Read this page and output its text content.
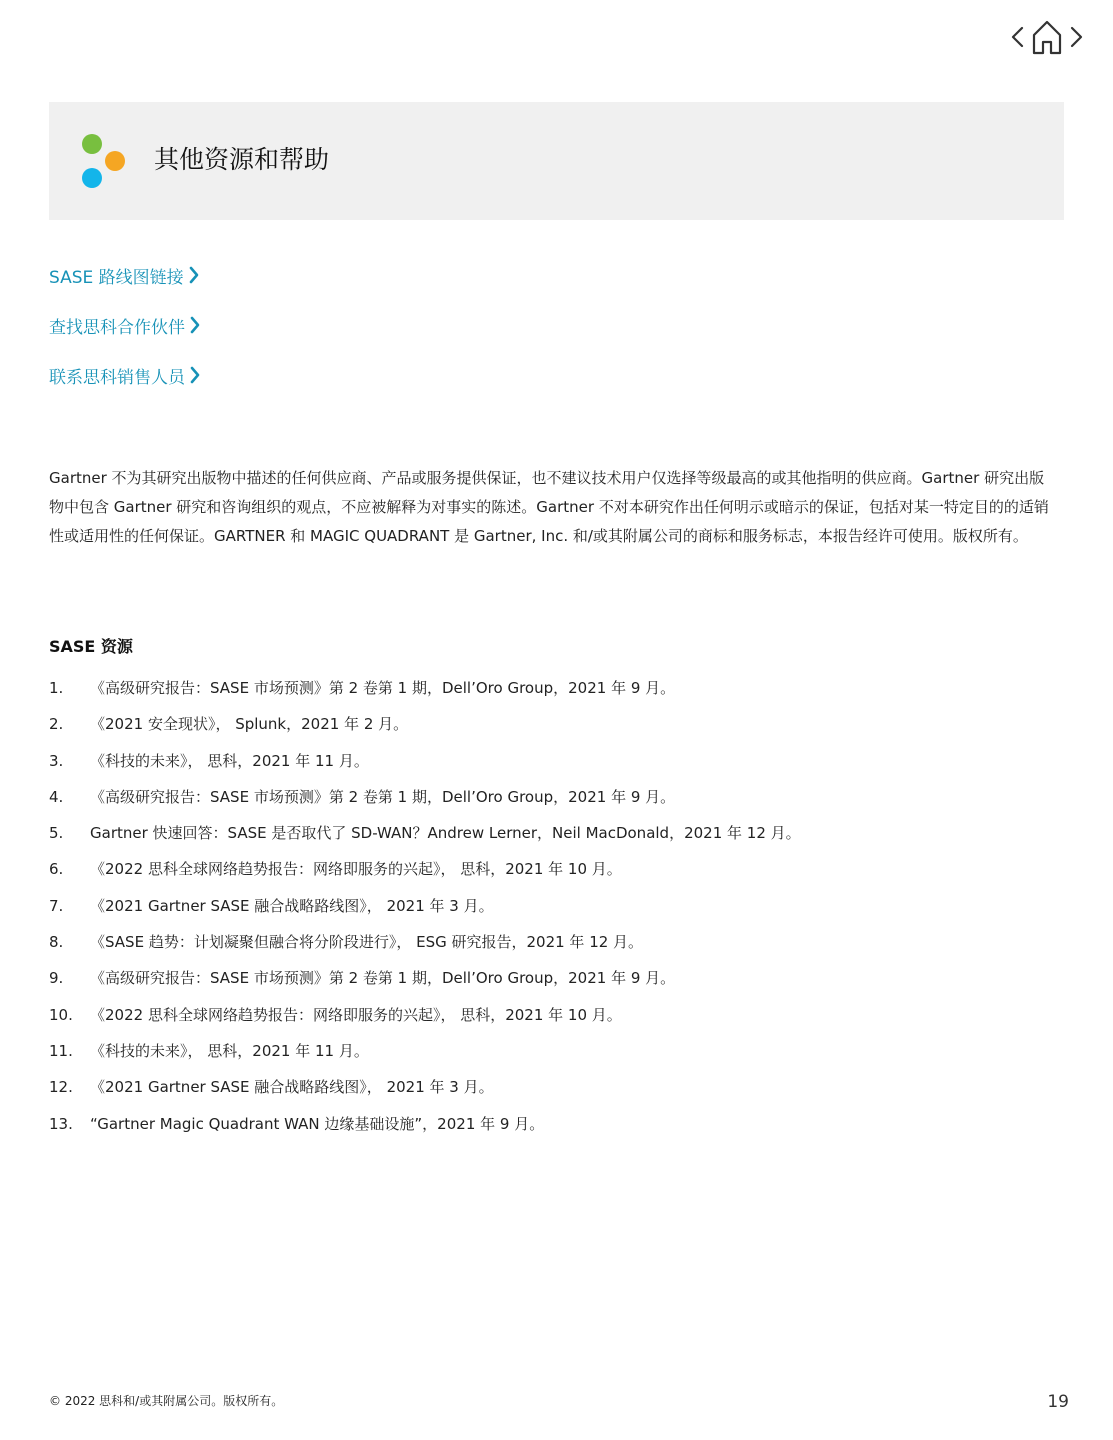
其他资源和帮助
SASE 路线图链接
查找思科合作伙伴
联系思科销售人员

Gartner 不为其研究出版物中描述的任何供应商、产品或服务提供保证，也不建议技术用户仅选择等级最高的或其他指明的供应商。Gartner 研究出版物中包含 Gartner 研究和咨询组织的观点，不应被解释为对事实的陈述。Gartner 不对本研究作出任何明示或暗示的保证，包括对某一特定目的的适销性或适用性的任何保证。GARTNER 和 MAGIC QUADRANT 是 Gartner, Inc. 和/或其附属公司的商标和服务标志，本报告经许可使用。版权所有。

SASE 资源
1.	《高级研究报告：SASE 市场预测》第 2 卷第 1 期，Dell’Oro Group，2021 年 9 月。
2.	《2021 安全现状》， Splunk，2021 年 2 月。
3.	《科技的未来》， 思科，2021 年 11 月。
4.	《高级研究报告：SASE 市场预测》第 2 卷第 1 期，Dell’Oro Group，2021 年 9 月。
5.	Gartner 快速回答：SASE 是否取代了 SD-WAN？Andrew Lerner，Neil MacDonald，2021 年 12 月。
6.	《2022 思科全球网络趋势报告：网络即服务的兴起》， 思科，2021 年 10 月。
7.	《2021 Gartner SASE 融合战略路线图》， 2021 年 3 月。
8.	《SASE 趋势：计划凝聚但融合将分阶段进行》， ESG 研究报告，2021 年 12 月。
9.	《高级研究报告：SASE 市场预测》第 2 卷第 1 期，Dell’Oro Group，2021 年 9 月。
10.	《2022 思科全球网络趋势报告：网络即服务的兴起》， 思科，2021 年 10 月。
11.	《科技的未来》， 思科，2021 年 11 月。
12.	《2021 Gartner SASE 融合战略路线图》， 2021 年 3 月。
13.	“Gartner Magic Quadrant WAN 边缘基础设施”，2021 年 9 月。
© 2022 思科和/或其附属公司。版权所有。	19
